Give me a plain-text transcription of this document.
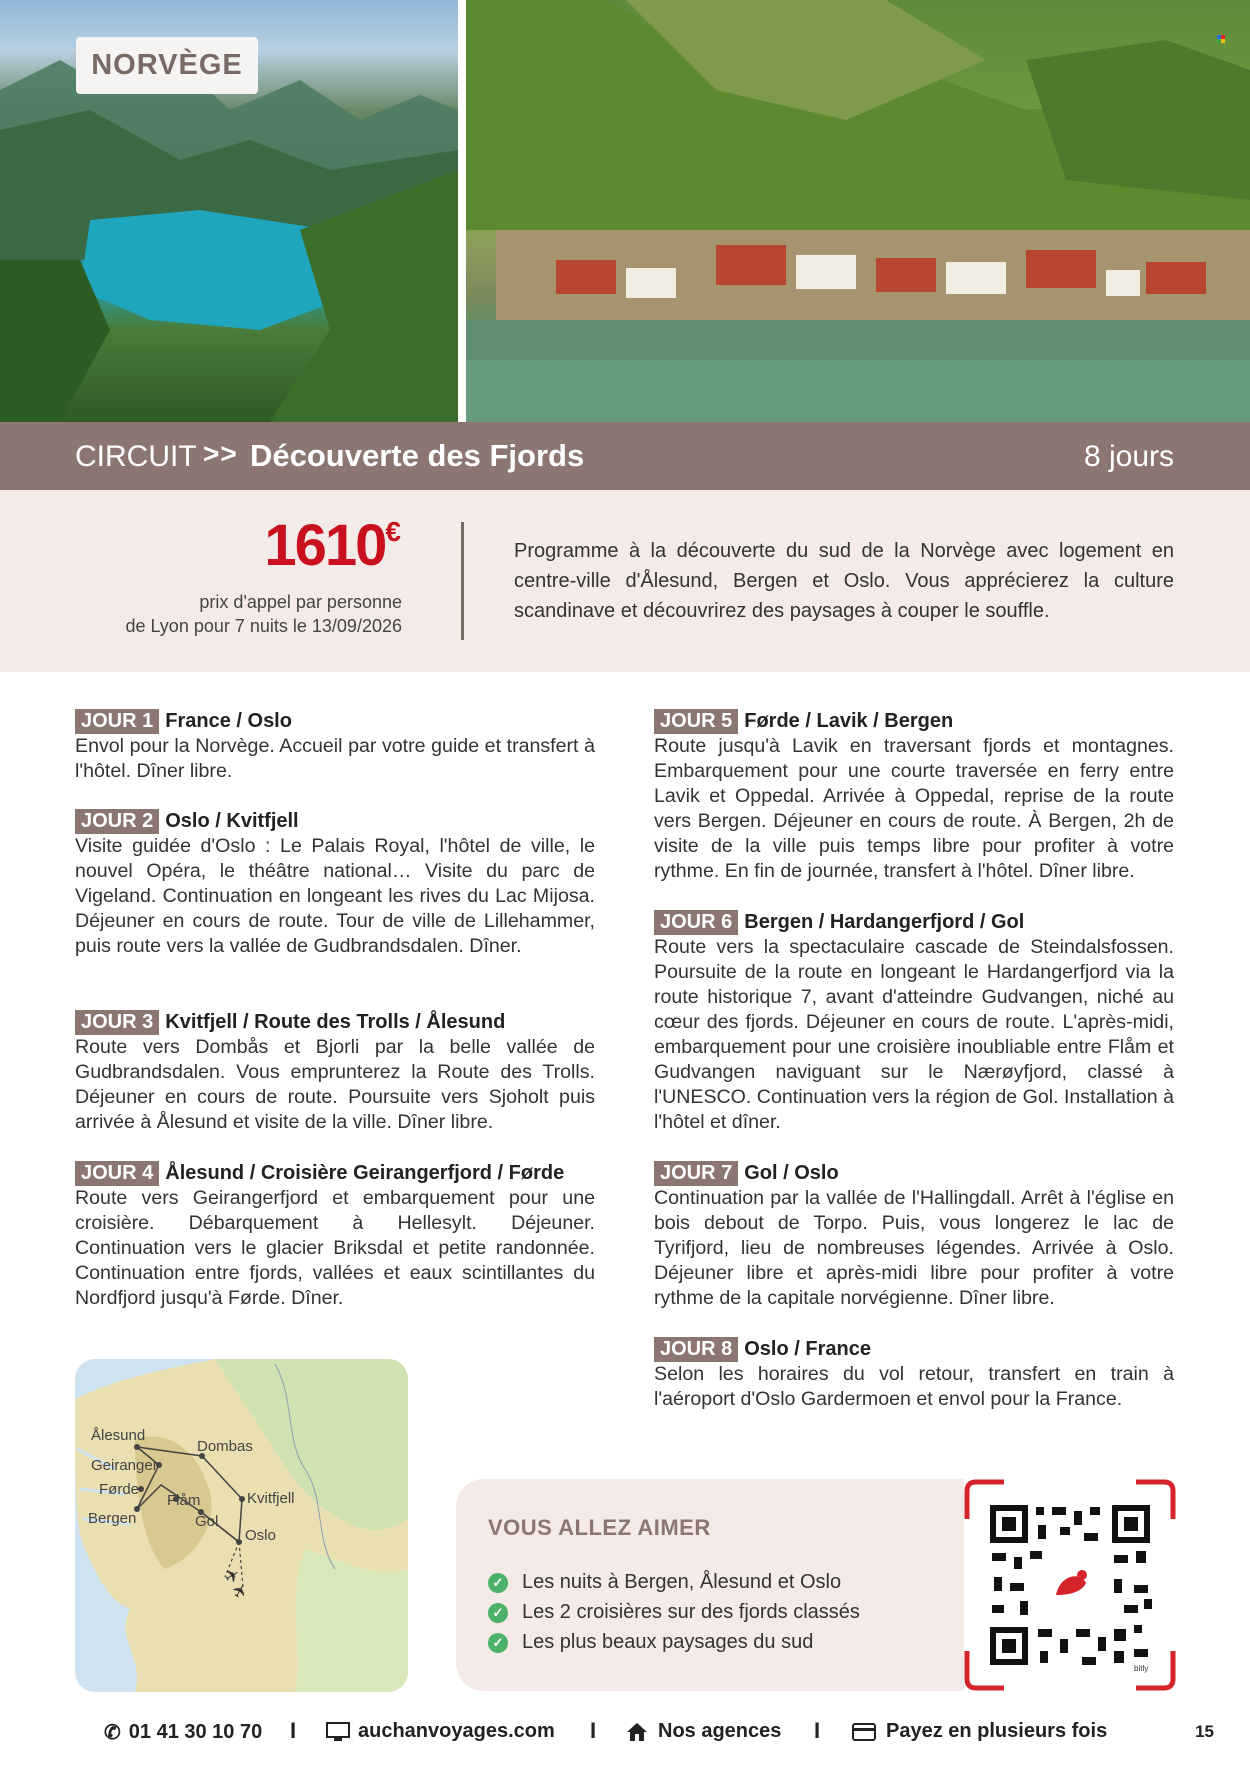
NORVÈGE
CIRCUIT >> Découverte des Fjords	8 jours
1610€
prix d'appel par personne
de Lyon pour 7 nuits le 13/09/2026
Programme à la découverte du sud de la Norvège avec logement en centre-ville d'Ålesund, Bergen et Oslo. Vous apprécierez la culture scandinave et découvrirez des paysages à couper le souffle.
JOUR 1 France / Oslo
Envol pour la Norvège. Accueil par votre guide et transfert à l'hôtel. Dîner libre.
JOUR 2 Oslo / Kvitfjell
Visite guidée d'Oslo : Le Palais Royal, l'hôtel de ville, le nouvel Opéra, le théâtre national… Visite du parc de Vigeland. Continuation en longeant les rives du Lac Mijosa. Déjeuner en cours de route. Tour de ville de Lillehammer, puis route vers la vallée de Gudbrandsdalen. Dîner.
JOUR 3 Kvitfjell / Route des Trolls / Ålesund
Route vers Dombås et Bjorli par la belle vallée de Gudbrandsdalen. Vous emprunterez la Route des Trolls. Déjeuner en cours de route. Poursuite vers Sjoholt puis arrivée à Ålesund et visite de la ville. Dîner libre.
JOUR 4 Ålesund / Croisière Geirangerfjord / Førde
Route vers Geirangerfjord et embarquement pour une croisière. Débarquement à Hellesylt. Déjeuner. Continuation vers le glacier Briksdal et petite randonnée. Continuation entre fjords, vallées et eaux scintillantes du Nordfjord jusqu'à Førde. Dîner.
JOUR 5 Førde / Lavik / Bergen
Route jusqu'à Lavik en traversant fjords et montagnes. Embarquement pour une courte traversée en ferry entre Lavik et Oppedal. Arrivée à Oppedal, reprise de la route vers Bergen. Déjeuner en cours de route. À Bergen, 2h de visite de la ville puis temps libre pour profiter à votre rythme. En fin de journée, transfert à l'hôtel. Dîner libre.
JOUR 6 Bergen / Hardangerfjord / Gol
Route vers la spectaculaire cascade de Steindalsfossen. Poursuite de la route en longeant le Hardangerfjord via la route historique 7, avant d'atteindre Gudvangen, niché au cœur des fjords. Déjeuner en cours de route. L'après-midi, embarquement pour une croisière inoubliable entre Flåm et Gudvangen naviguant sur le Nærøyfjord, classé à l'UNESCO. Continuation vers la région de Gol. Installation à l'hôtel et dîner.
JOUR 7 Gol / Oslo
Continuation par la vallée de l'Hallingdall. Arrêt à l'église en bois debout de Torpo. Puis, vous longerez le lac de Tyrifjord, lieu de nombreuses légendes. Arrivée à Oslo. Déjeuner libre et après-midi libre pour profiter à votre rythme de la capitale norvégienne. Dîner libre.
JOUR 8 Oslo / France
Selon les horaires du vol retour, transfert en train à l'aéroport d'Oslo Gardermoen et envol pour la France.
Ålesund
Dombas
Geiranger
Førde
Flåm	Kvitfjell
Bergen	Gol
Oslo
✈
✈
VOUS ALLEZ AIMER
✓ Les nuits à Bergen, Ålesund et Oslo
✓ Les 2 croisières sur des fjords classés
✓ Les plus beaux paysages du sud
bitly
✆ 01 41 30 10 70 I	auchanvoyages.com I	Nos agences I	Payez en plusieurs fois	15
